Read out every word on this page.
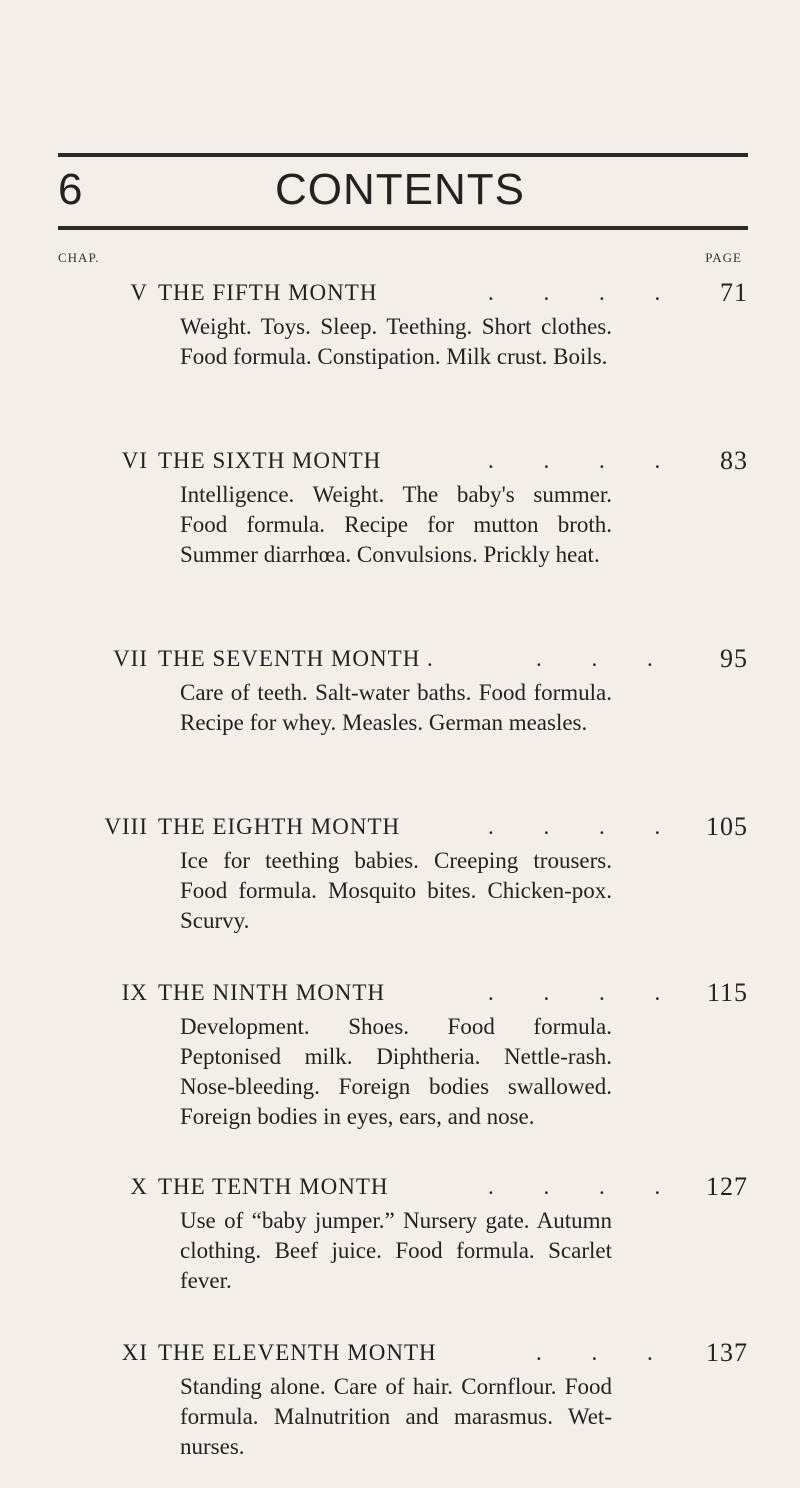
6	CONTENTS
CHAP.	PAGE
V THE FIFTH MONTH	. . . . 71
Weight. Toys. Sleep. Teething. Short clothes. Food formula. Constipation. Milk crust. Boils.
VI THE SIXTH MONTH	. . . . 83
Intelligence. Weight. The baby's summer. Food formula. Recipe for mutton broth. Summer diarrhœa. Convulsions. Prickly heat.
VII THE SEVENTH MONTH .	. . .	95
Care of teeth. Salt-water baths. Food formula. Recipe for whey. Measles. German measles.
VIII THE EIGHTH MONTH	. . . . 105
Ice for teething babies. Creeping trousers. Food formula. Mosquito bites. Chicken-pox. Scurvy.
IX THE NINTH MONTH	. . . . 115
Development. Shoes. Food formula. Peptonised milk. Diphtheria. Nettle-rash. Nose-bleeding. Foreign bodies swallowed. Foreign bodies in eyes, ears, and nose.
X THE TENTH MONTH	. . . . 127
Use of “baby jumper.” Nursery gate. Autumn clothing. Beef juice. Food formula. Scarlet fever.
XI THE ELEVENTH MONTH	. . .	137
Standing alone. Care of hair. Cornflour. Food formula. Malnutrition and marasmus. Wet-nurses.
